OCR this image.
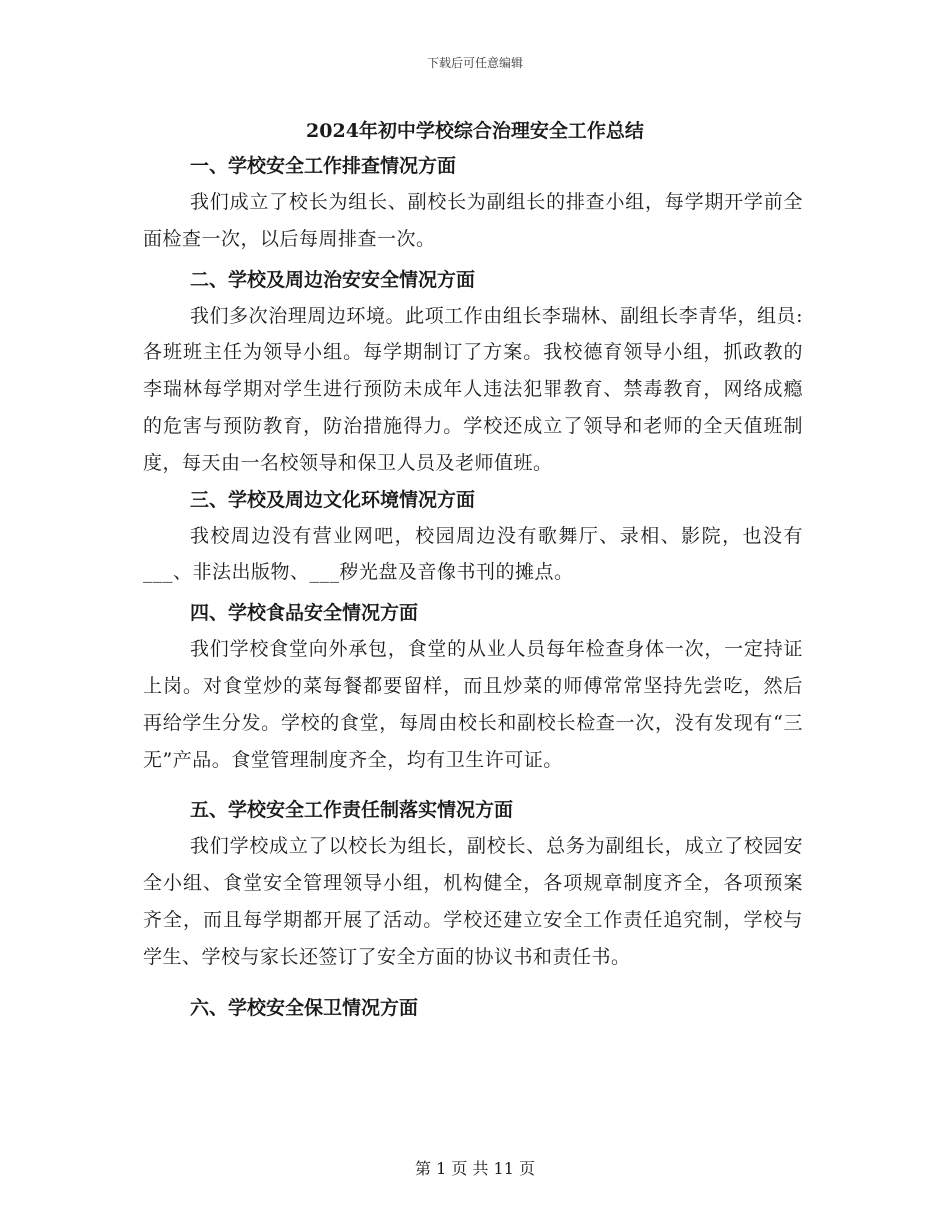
下载后可任意编辑
2024年初中学校综合治理安全工作总结
一、学校安全工作排查情况方面

我们成立了校长为组长、副校长为副组长的排查小组，每学期开学前全面检查一次，以后每周排查一次。

二、学校及周边治安安全情况方面

我们多次治理周边环境。此项工作由组长李瑞林、副组长李青华，组员:各班班主任为领导小组。每学期制订了方案。我校德育领导小组，抓政教的李瑞林每学期对学生进行预防未成年人违法犯罪教育、禁毒教育，网络成瘾的危害与预防教育，防治措施得力。学校还成立了领导和老师的全天值班制度，每天由一名校领导和保卫人员及老师值班。

三、学校及周边文化环境情况方面

我校周边没有营业网吧，校园周边没有歌舞厅、录相、影院，也没有___、非法出版物、___秽光盘及音像书刊的摊点。

四、学校食品安全情况方面

我们学校食堂向外承包，食堂的从业人员每年检查身体一次，一定持证上岗。对食堂炒的菜每餐都要留样，而且炒菜的师傅常常坚持先尝吃，然后再给学生分发。学校的食堂，每周由校长和副校长检查一次，没有发现有“三无”产品。食堂管理制度齐全，均有卫生许可证。

五、学校安全工作责任制落实情况方面

我们学校成立了以校长为组长，副校长、总务为副组长，成立了校园安全小组、食堂安全管理领导小组，机构健全，各项规章制度齐全，各项预案齐全，而且每学期都开展了活动。学校还建立安全工作责任追究制，学校与学生、学校与家长还签订了安全方面的协议书和责任书。

六、学校安全保卫情况方面
第 1 页 共 11 页
